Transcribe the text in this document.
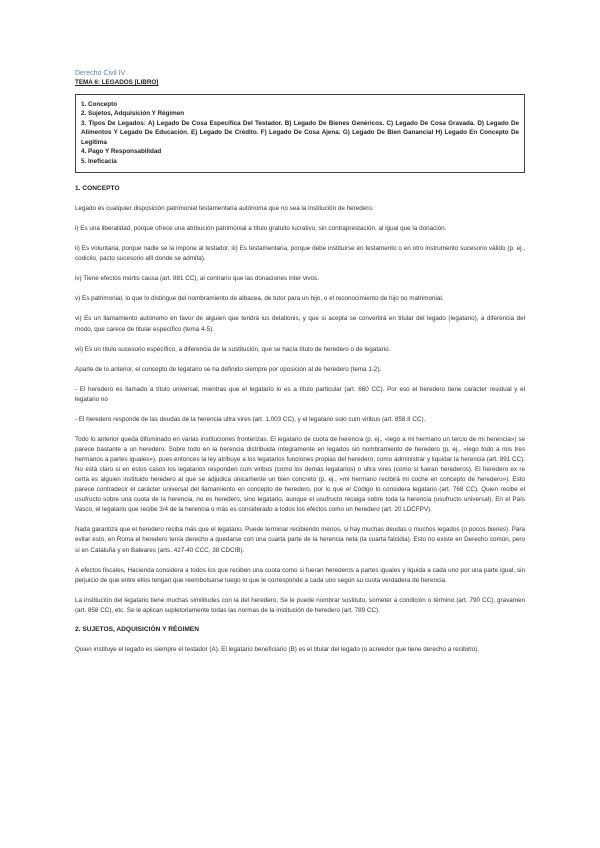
Derecho Civil IV
TEMA 6: LEGADOS [LIBRO]
1. Concepto
2. Sujetos, Adquisición Y Régimen
3. Tipos De Legados: A) Legado De Cosa Específica Del Testador. B) Legado De Bienes Genéricos. C) Legado De Cosa Gravada. D) Legado De Alimentos Y Legado De Educación. E) Legado De Crédito. F) Legado De Cosa Ajena. G) Legado De Bien Ganancial H) Legado En Concepto De Legítima
4. Pago Y Responsabilidad
5. Ineficacia
1. CONCEPTO

Legado es cualquier disposición patrimonial testamentaria autónoma que no sea la institución de heredero.

i) Es una liberalidad, porque ofrece una atribución patrimonial a título gratuito lucrativo, sin contraprestación, al igual que la donación.

ii) Es voluntaria, porque nadie se la impone al testador. iii) Es testamentaria, porque debe instituirse en testamento o en otro instrumento sucesorio válido (p. ej., codicilo, pacto sucesorio allí donde se admita).

iv) Tiene efectos mortis causa (art. 881 CC), al contrario que las donaciones inter vivos.

v) Es patrimonial, lo que lo distingue del nombramiento de albacea, de tutor para un hijo, o el reconocimiento de hijo no matrimonial.

vi) Es un llamamiento autónomo en favor de alguien que tendrá ius delationis, y que si acepta se convertirá en titular del legado (legatario), a diferencia del modo, que carece de titular específico (tema 4-5).

vii) Es un título sucesorio específico, a diferencia de la sustitución, que se hacía título de heredero o de legatario.

Aparte de lo anterior, el concepto de legatario se ha definido siempre por oposición al de heredero (tema 1-2).

- El heredero es llamado a título universal, mientras que el legatario lo es a título particular (art. 660 CC). Por eso el heredero tiene carácter residual y el legatario no

- El heredero responde de las deudas de la herencia ultra vires (art. 1.003 CC), y el legatario solo cum viribus (art. 858.II CC).

Todo lo anterior queda difuminado en varias instituciones fronterizas. El legatario de cuota de herencia (p. ej., «lego a mi hermano un tercio de mi herencia») se parece bastante a un heredero. Sobre todo en la herencia distribuida íntegramente en legados sin nombramiento de heredero (p. ej., «lego todo a mis tres hermanos a partes iguales»), pues entonces la ley atribuye a los legatarios funciones propias del heredero, como administrar y liquidar la herencia (art. 891 CC). No está claro si en estos casos los legatarios responden cum viribus (como los demás legatarios) o ultra vires (como si fueran herederos). El heredero ex re certa es alguien instituido heredero al que se adjudica únicamente un bien concreto (p. ej., «mi hermano recibirá mi coche en concepto de heredero»). Esto parece contradecir el carácter universal del llamamiento en concepto de heredero, por lo que el Código lo considera legatario (art. 768 CC). Quien recibe el usufructo sobre una cuota de la herencia, no es heredero, sino legatario, aunque el usufructo recaiga sobre toda la herencia (usufructo universal). En el País Vasco, el legatario que recibe 3/4 de la herencia o más es considerado a todos los efectos como un heredero (art. 20 LDCFPV).

Nada garantiza que el heredero reciba más que el legatario. Puede terminar recibiendo menos, si hay muchas deudas o muchos legados (o pocos bienes). Para evitar esto, en Roma el heredero tenía derecho a quedarse con una cuarta parte de la herencia neta (la cuarta falcidia). Esto no existe en Derecho común, pero sí en Cataluña y en Baleares (arts. 427-40 CCC, 38 CDCIB).

A efectos fiscales, Hacienda considera a todos los que reciben una cuota como si fueran herederos a partes iguales y liquida a cada uno por una parte igual, sin perjuicio de que entre ellos tengan que reembolsarse luego lo que le corresponde a cada uno según su cuota verdadera de herencia.

La institución del legatario tiene muchas similitudes con la del heredero. Se le puede nombrar sustituto, someter a condición o término (art. 790 CC), gravamen (art. 858 CC), etc. Se le aplican supletoriamente todas las normas de la institución de heredero (art. 789 CC).

2. SUJETOS, ADQUISICIÓN Y RÉGIMEN

Quien instituye el legado es siempre el testador (A). El legatario beneficiario (B) es el titular del legado (o acreedor que tiene derecho a recibirlo).
